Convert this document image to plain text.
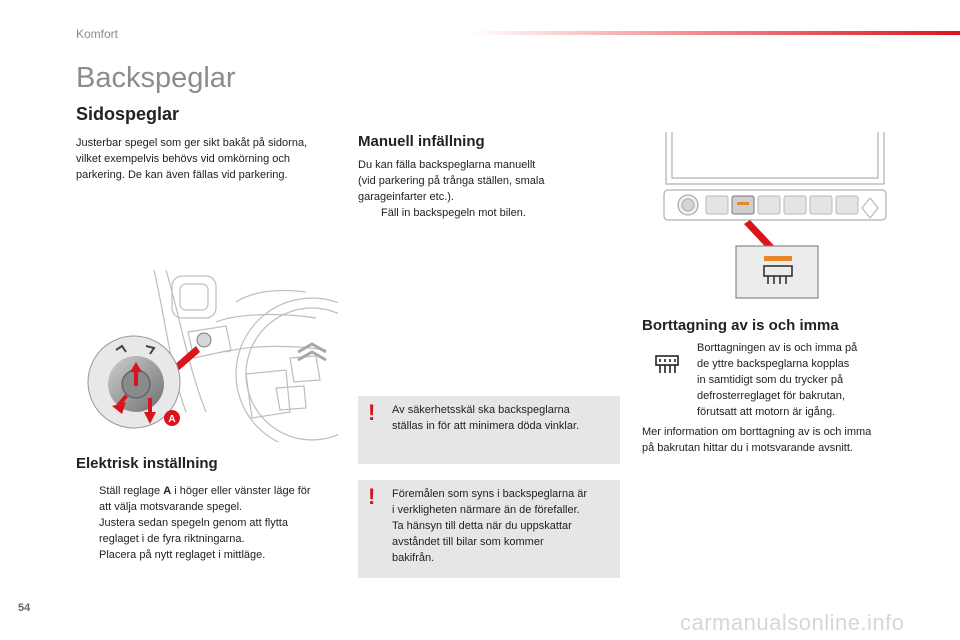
Komfort
Backspeglar
Sidospeglar

Justerbar spegel som ger sikt bakåt på sidorna,

vilket exempelvis behövs vid omkörning och

parkering. De kan även fällas vid parkering.

A
Elektrisk inställning
Ställ reglage A i höger eller vänster läge för
att välja motsvarande spegel.
Justera sedan spegeln genom att flytta
reglaget i de fyra riktningarna.
Placera på nytt reglaget i mittläge.
Manuell infällning

Du kan fälla backspeglarna manuellt

(vid parkering på trånga ställen, smala

garageinfarter etc.).

Fäll in backspegeln mot bilen.
! Av säkerhetsskäl ska backspeglarna
ställas in för att minimera döda vinklar.
! Föremålen som syns i backspeglarna är
i verkligheten närmare än de förefaller.
Ta hänsyn till detta när du uppskattar
avståndet till bilar som kommer
bakifrån.
Borttagning av is och imma

Borttagningen av is och imma på

de yttre backspeglarna kopplas

in samtidigt som du trycker på

defrosterreglaget för bakrutan,

förutsatt att motorn är igång.

Mer information om borttagning av is och imma

på bakrutan hittar du i motsvarande avsnitt.

54
carmanualsonline.info
